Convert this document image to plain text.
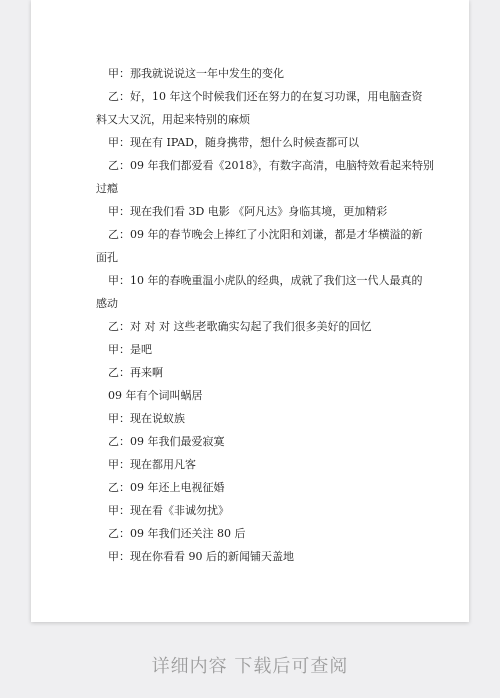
甲：那我就说说这一年中发生的变化
乙：好，10 年这个时候我们还在努力的在复习功课，用电脑查资
料又大又沉，用起来特别的麻烦
甲：现在有 IPAD，随身携带，想什么时候查都可以
乙：09 年我们都爱看《2018》，有数字高清，电脑特效看起来特别
过瘾
甲：现在我们看 3D 电影 《阿凡达》身临其境，更加精彩
乙：09 年的春节晚会上捧红了小沈阳和刘谦，都是才华横溢的新
面孔
甲：10 年的春晚重温小虎队的经典，成就了我们这一代人最真的
感动
乙：对 对 对 这些老歌确实勾起了我们很多美好的回忆
甲：是吧
乙：再来啊
09 年有个词叫蜗居
甲：现在说蚁族
乙：09 年我们最爱寂寞
甲：现在都用凡客
乙：09 年还上电视征婚
甲：现在看《非诚勿扰》
乙：09 年我们还关注 80 后
甲：现在你看看 90 后的新闻铺天盖地
详细内容 下载后可查阅
